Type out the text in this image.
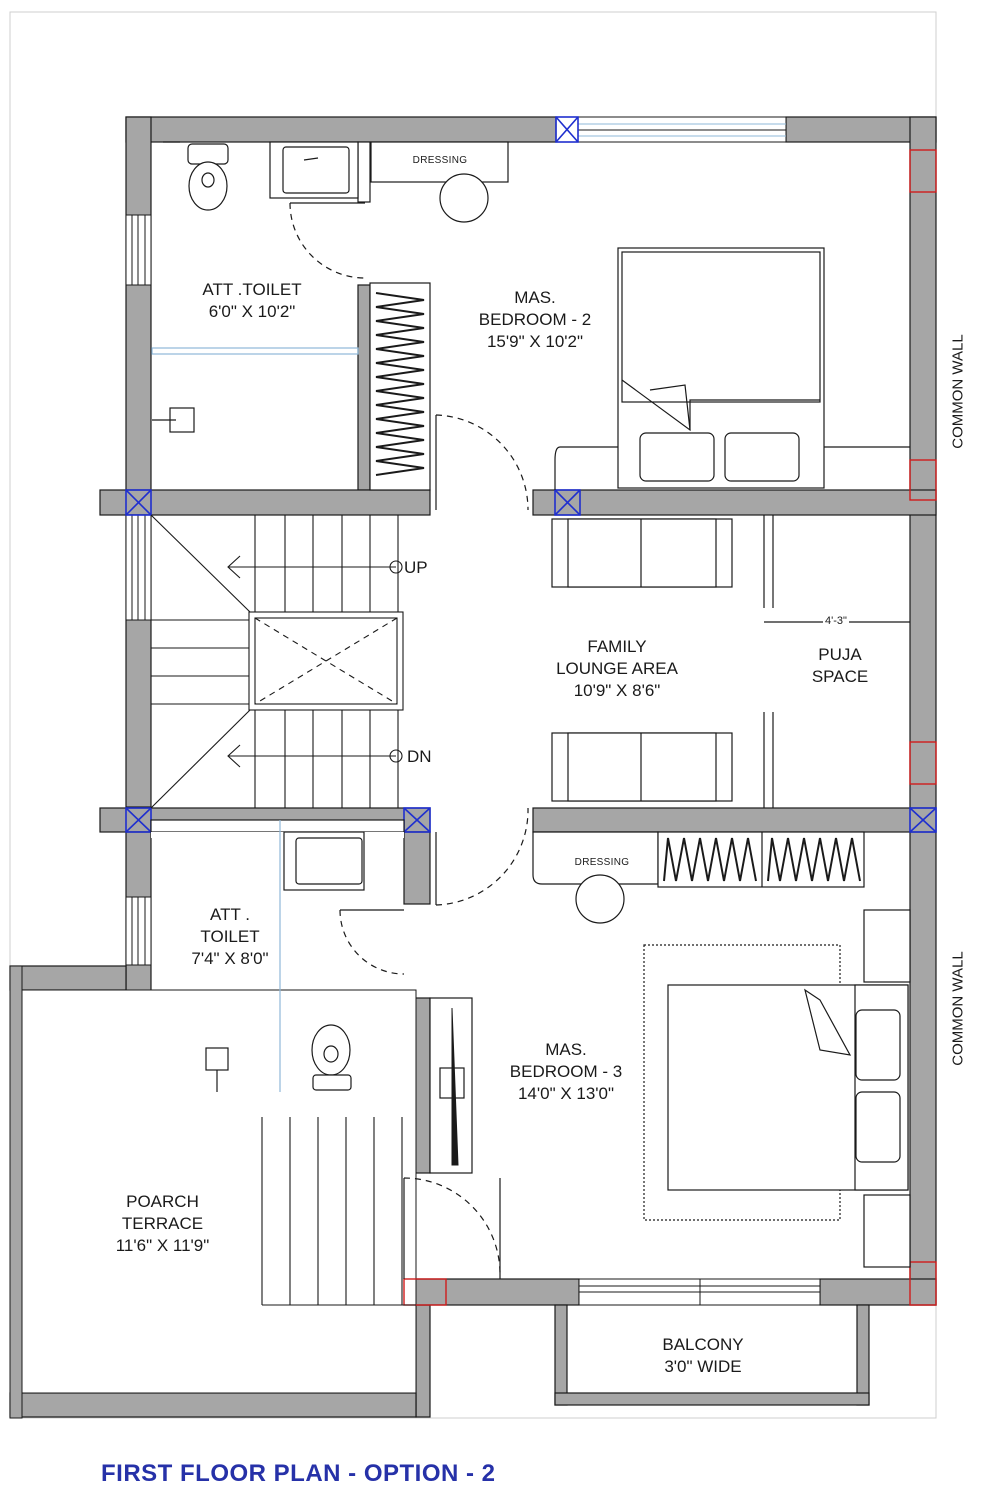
ATT .TOILET
6'0" X 10'2"
DRESSING
MAS.
BEDROOM - 2
15'9" X 10'2"
UP
DN
FAMILY
LOUNGE AREA
10'9" X 8'6"
4'-3"
PUJA
SPACE
COMMON WALL
COMMON WALL
DRESSING
ATT .
TOILET
7'4" X 8'0"
MAS.
BEDROOM - 3
14'0" X 13'0"
POARCH
TERRACE
11'6" X 11'9"
BALCONY
3'0" WIDE
FIRST FLOOR PLAN - OPTION - 2
